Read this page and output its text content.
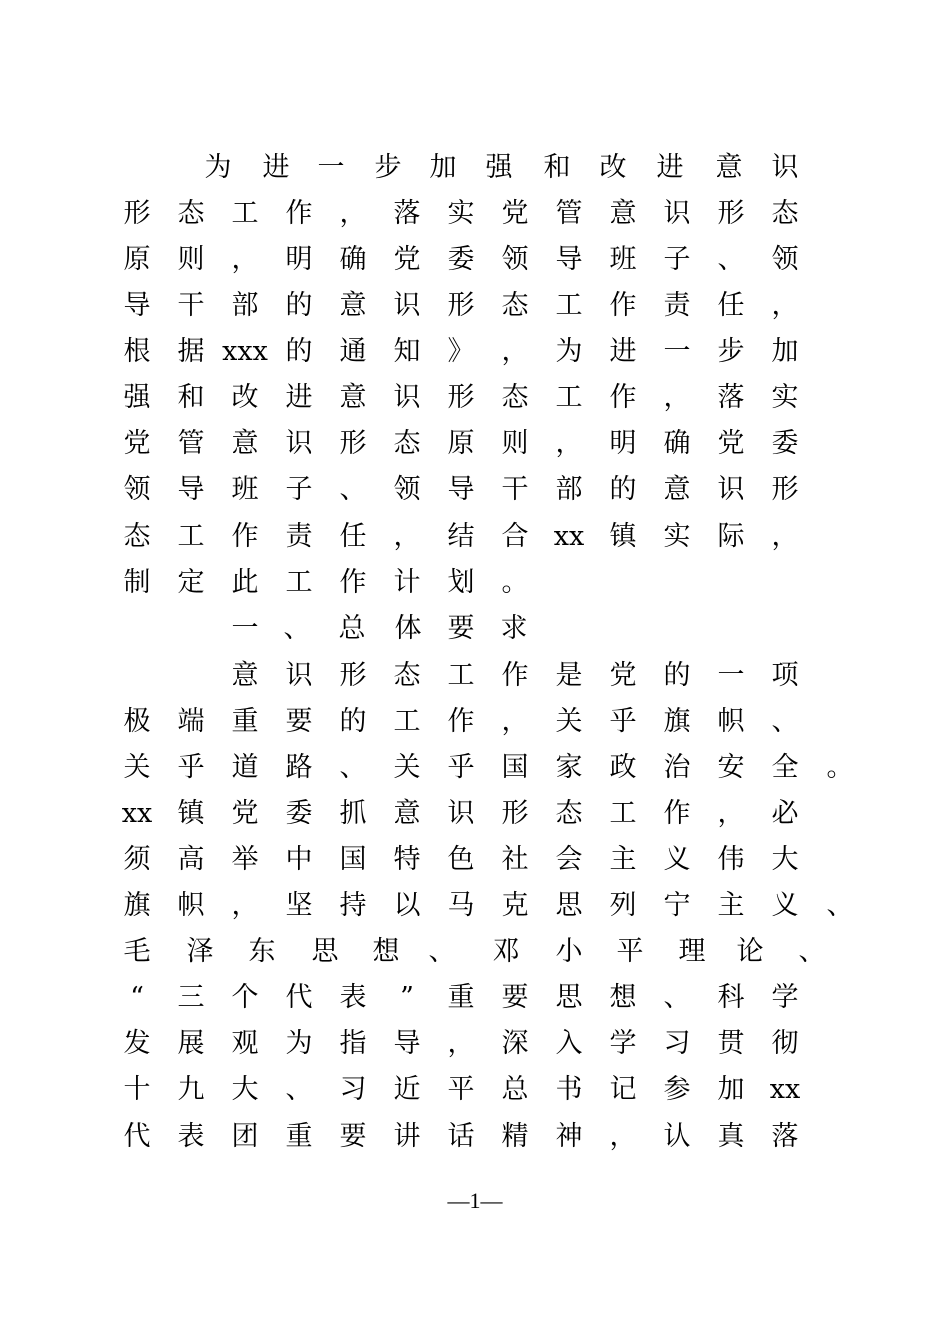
为 进 一 步 加 强 和 改 进 意 识
形 态 工 作 ， 落 实 党 管 意 识 形 态
原 则 ， 明 确 党 委 领 导 班 子 、 领
导 干 部 的 意 识 形 态 工 作 责 任 ，
根 据 xxx 的 通 知 》 ， 为 进 一 步 加
强 和 改 进 意 识 形 态 工 作 ， 落 实
党 管 意 识 形 态 原 则 ， 明 确 党 委
领 导 班 子 、 领 导 干 部 的 意 识 形
态 工 作 责 任 ， 结 合 xx 镇 实 际 ，
制 定 此 工 作 计 划 。
一 、 总 体 要 求
意 识 形 态 工 作 是 党 的 一 项
极 端 重 要 的 工 作 ， 关 乎 旗 帜 、
关 乎 道 路 、 关 乎 国 家 政 治 安 全 。
xx 镇 党 委 抓 意 识 形 态 工 作 ， 必
须 高 举 中 国 特 色 社 会 主 义 伟 大
旗 帜 ， 坚 持 以 马 克 思 列 宁 主 义 、
毛 泽 东 思 想 、 邓 小 平 理 论 、
“	三 个 代 表	”	重 要 思 想 、 科 学
发 展 观 为 指 导 ， 深 入 学 习 贯 彻
十 九 大 、 习 近 平 总 书 记 参 加 xx
代 表 团 重 要 讲 话 精 神 ， 认 真 落
—1—
